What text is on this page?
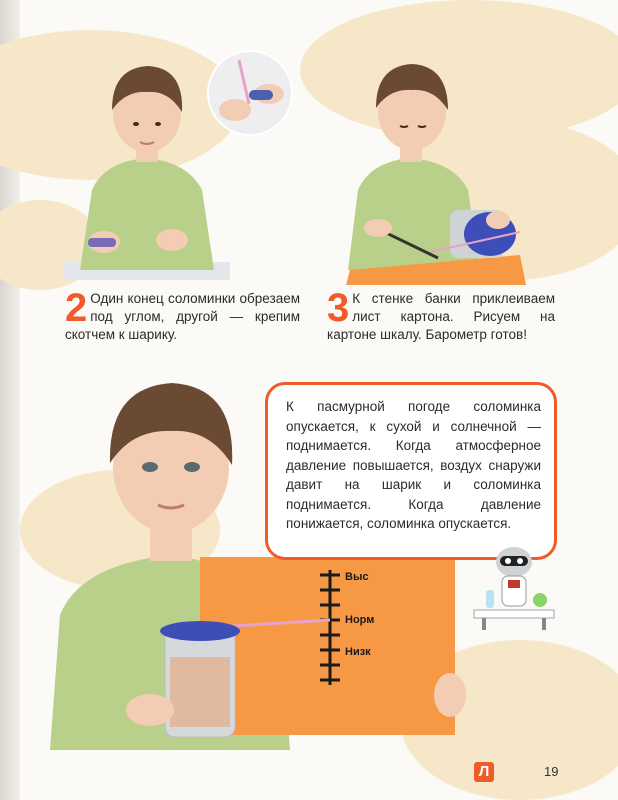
2 Один конец соломинки обрезаем под углом, другой — крепим скотчем к шарику.
3 К стенке банки приклеиваем лист картона. Рисуем на картоне шкалу. Барометр готов!
Выс
Норм
Низк
К пасмурной погоде соломинка опускается, к сухой и солнечной — поднимается. Когда атмосферное давление повышается, воздух снаружи давит на шарик и соломинка поднимается. Когда давление понижается, соломинка опускается.
Л	19
